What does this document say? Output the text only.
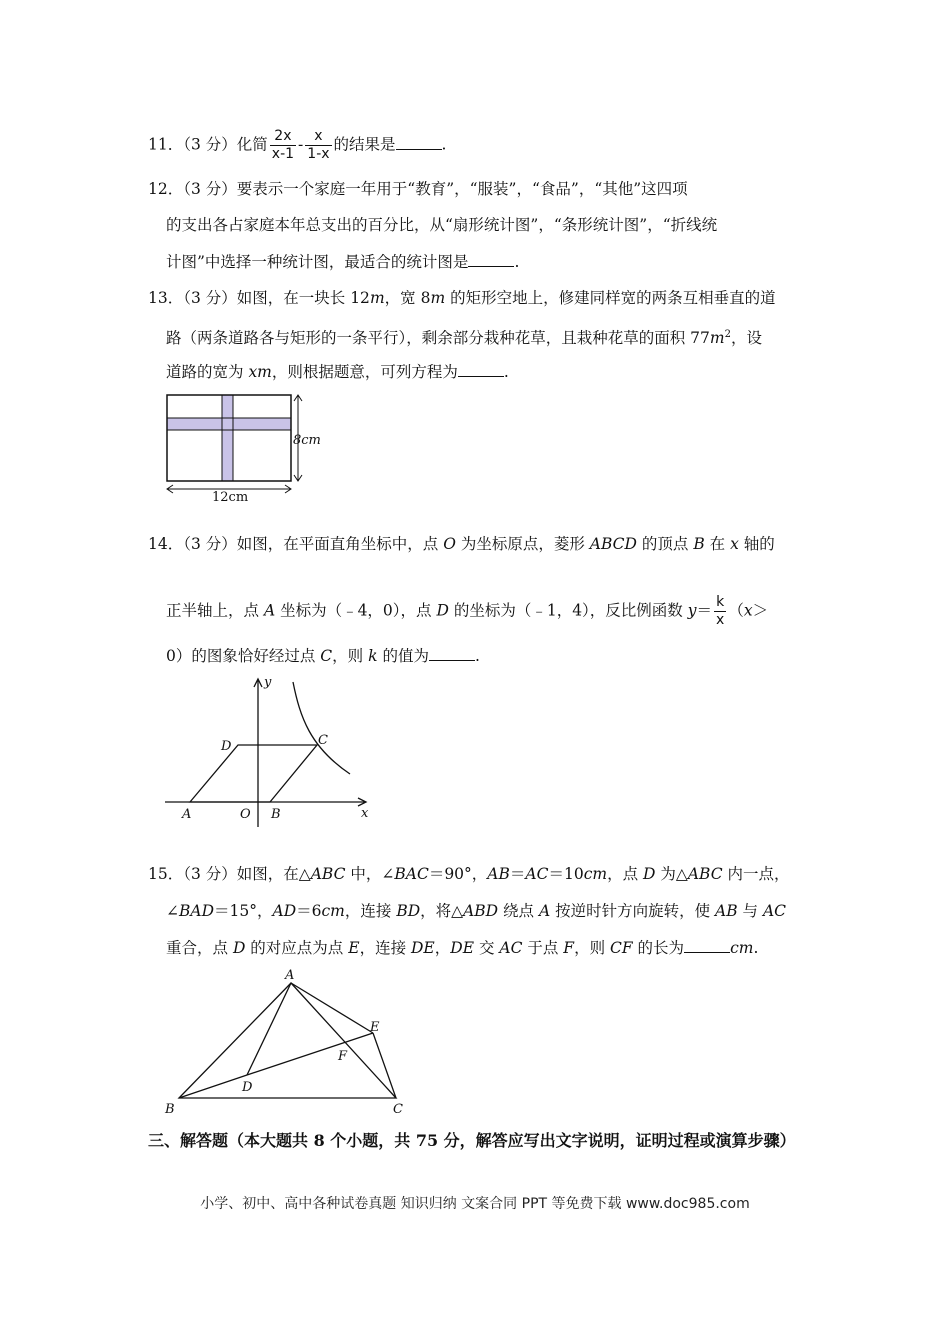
11．（3 分）化简 $\frac{2x}{x-1} - \frac{x}{1-x}$ 的结果是	.
12．（3 分）要表示一个家庭一年用于“教育”，“服装”，“食品”，“其他”这四项
的支出各占家庭本年总支出的百分比，从“扇形统计图”，“条形统计图”，“折线统
计图”中选择一种统计图，最适合的统计图是	.
13．（3 分）如图，在一块长 12m，宽 8m 的矩形空地上，修建同样宽的两条互相垂直的道
路（两条道路各与矩形的一条平行），剩余部分栽种花草，且栽种花草的面积 $77m^2$，设
道路的宽为 xm，则根据题意，可列方程为	.
8cm
12cm
14．（3 分）如图，在平面直角坐标中，点 O 为坐标原点，菱形 ABCD 的顶点 B 在 x 轴的
正半轴上，点 A 坐标为（﹣4，0），点 D 的坐标为（﹣1，4），反比例函数 $y= \frac{k}{x} (x>$
0）的图象恰好经过点 C，则 k 的值为	.
y
x
A	O B
C
D
15．（3 分）如图，在△ABC 中，∠BAC＝90°，AB＝AC＝10cm，点 D 为△ABC 内一点，
∠BAD＝15°，AD＝6cm，连接 BD，将△ABD 绕点 A 按逆时针方向旋转，使 AB 与 AC
重合，点 D 的对应点为点 E，连接 DE，DE 交 AC 于点 F，则 CF 的长为	cm.
A
B	C
D
E
F
三、解答题（本大题共 8 个小题，共 75 分，解答应写出文字说明，证明过程或演算步骤）
小学、初中、高中各种试卷真题 知识归纳 文案合同 PPT 等免费下载 www.doc985.com
